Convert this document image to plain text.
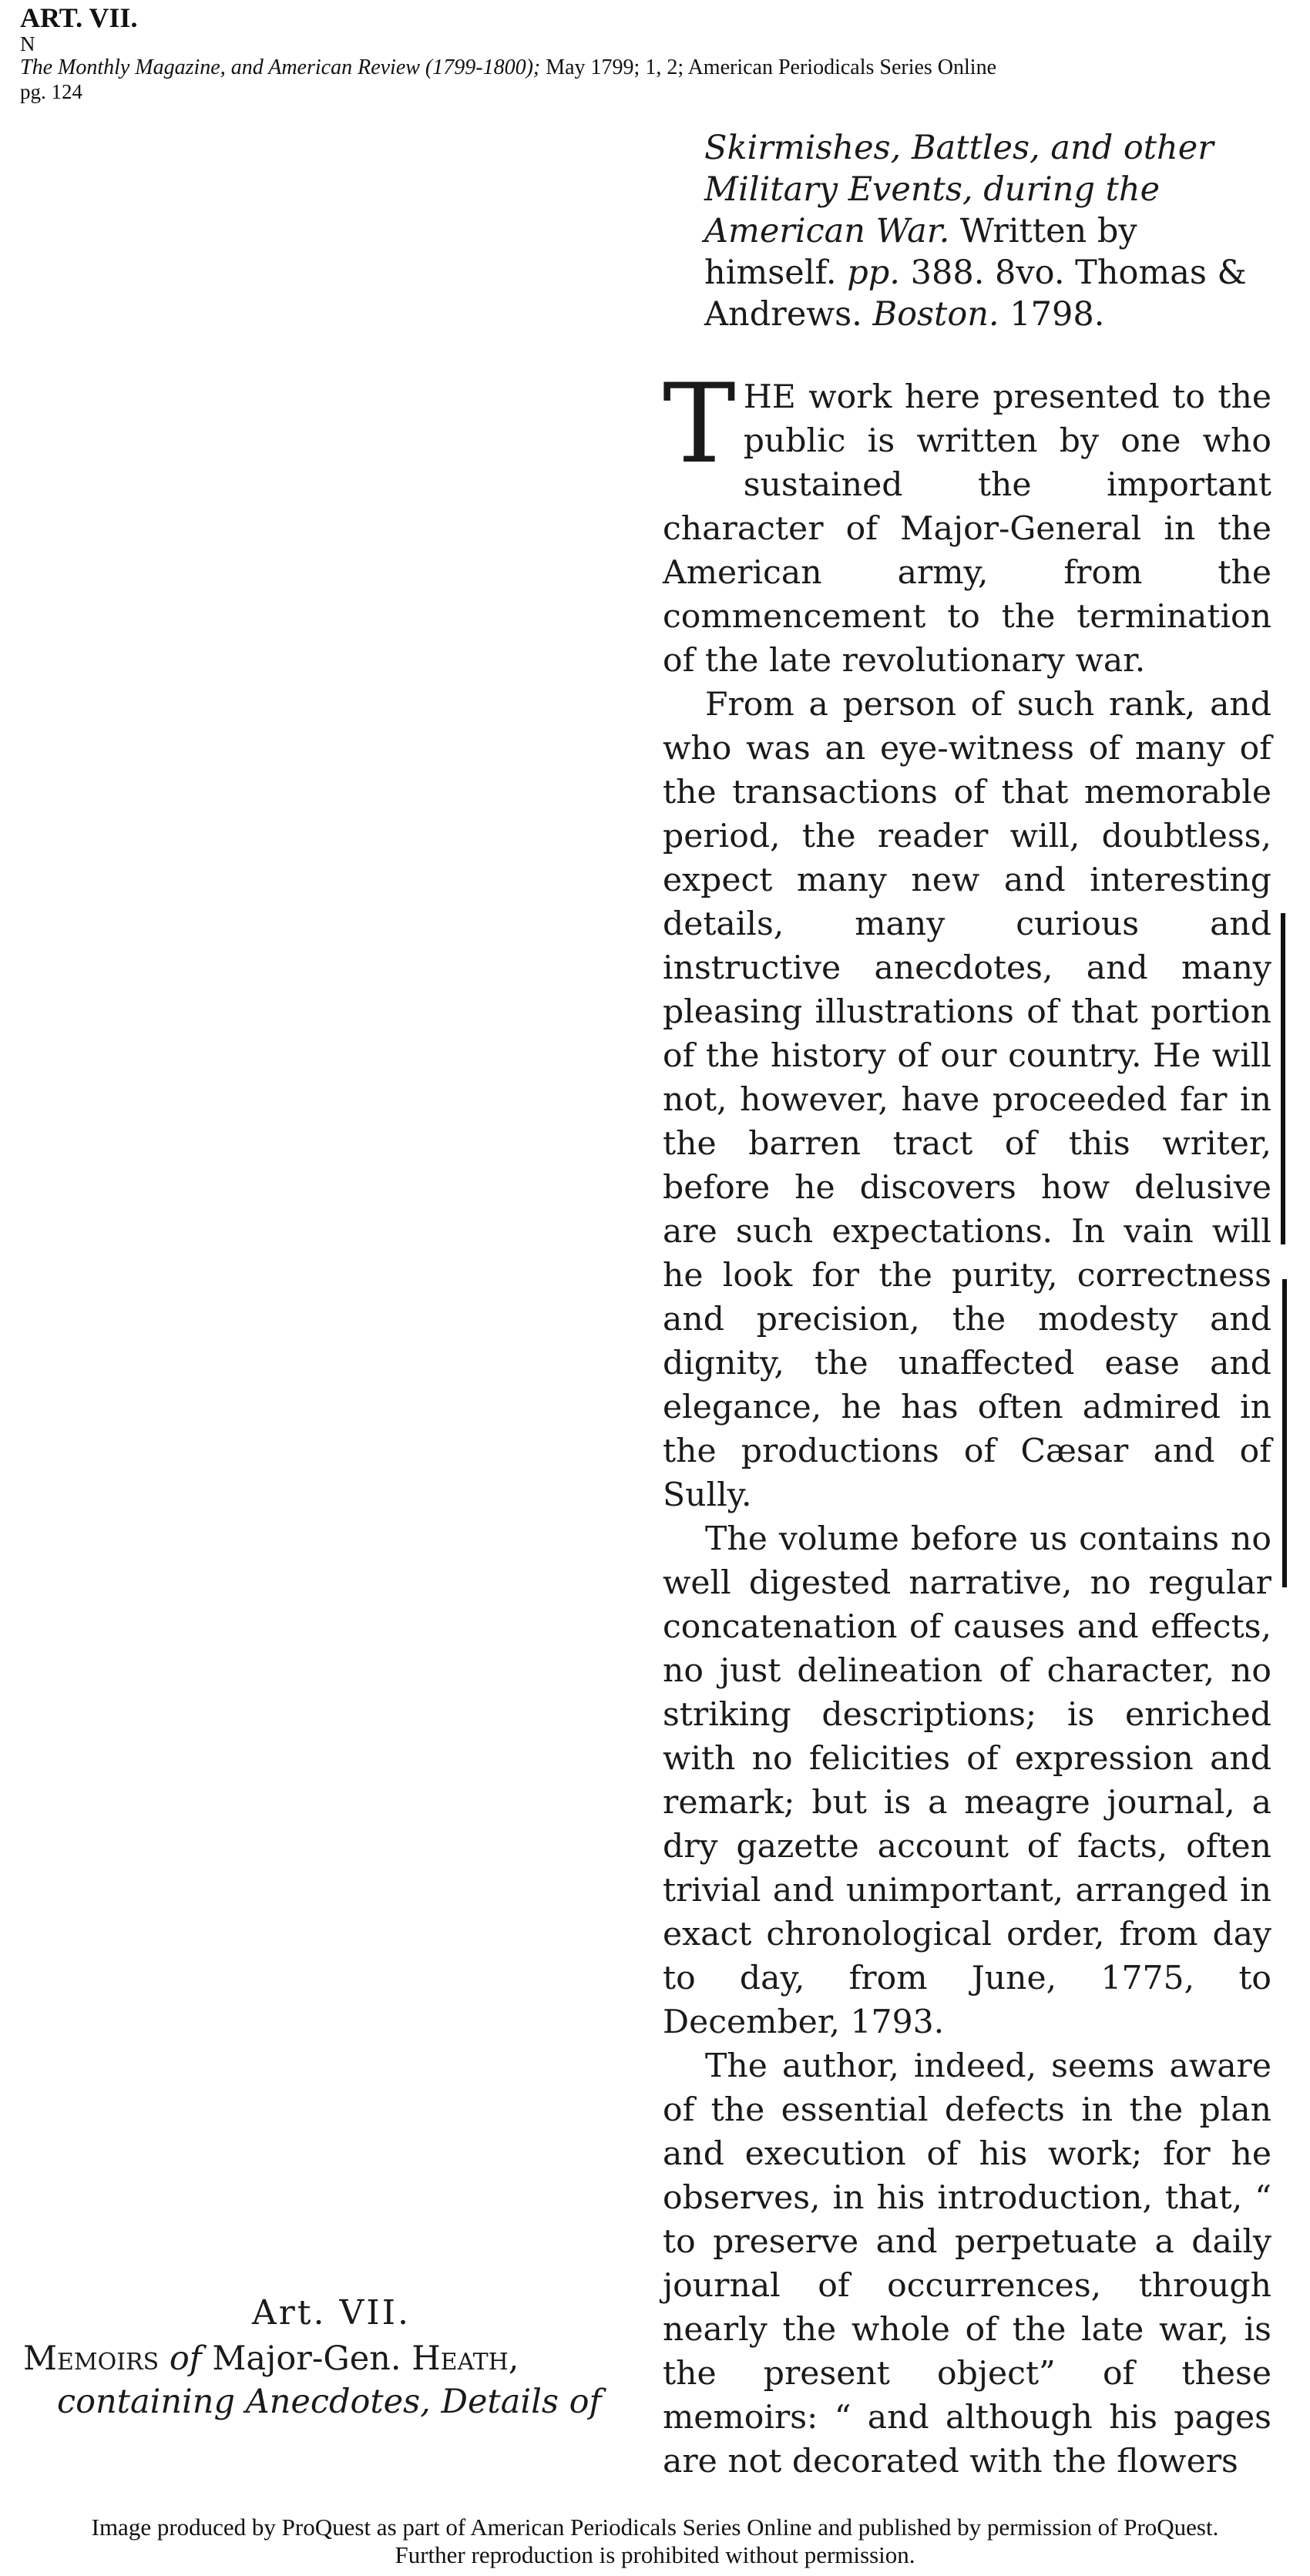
ART. VII.
N
The Monthly Magazine, and American Review (1799-1800); May 1799; 1, 2; American Periodicals Series Online
pg. 124
Skirmishes, Battles, and other Military Events, during the American War. Written by himself. pp. 388. 8vo. Thomas & Andrews. Boston. 1798.

THE work here presented to the public is written by one who sustained the important character of Major-General in the American army, from the commencement to the termination of the late revolutionary war.

From a person of such rank, and who was an eye-witness of many of the transactions of that memorable period, the reader will, doubtless, expect many new and interesting details, many curious and instructive anecdotes, and many pleasing illustrations of that portion of the history of our country. He will not, however, have proceeded far in the barren tract of this writer, before he discovers how delusive are such expectations. In vain will he look for the purity, correctness and precision, the modesty and dignity, the unaffected ease and elegance, he has often admired in the productions of Cæsar and of Sully.

The volume before us contains no well digested narrative, no regular concatenation of causes and effects, no just delineation of character, no striking descriptions; is enriched with no felicities of expression and remark; but is a meagre journal, a dry gazette account of facts, often trivial and unimportant, arranged in exact chronological order, from day to day, from June, 1775, to December, 1793.

The author, indeed, seems aware of the essential defects in the plan and execution of his work; for he observes, in his introduction, that, “ to preserve and perpetuate a daily journal of occurrences, through nearly the whole of the late war, is the present object” of these memoirs: “ and although his pages are not decorated with the flowers

Art. VII.
Memoirs of Major-Gen. Heath,
containing Anecdotes, Details of
Image produced by ProQuest as part of American Periodicals Series Online and published by permission of ProQuest.
Further reproduction is prohibited without permission.
